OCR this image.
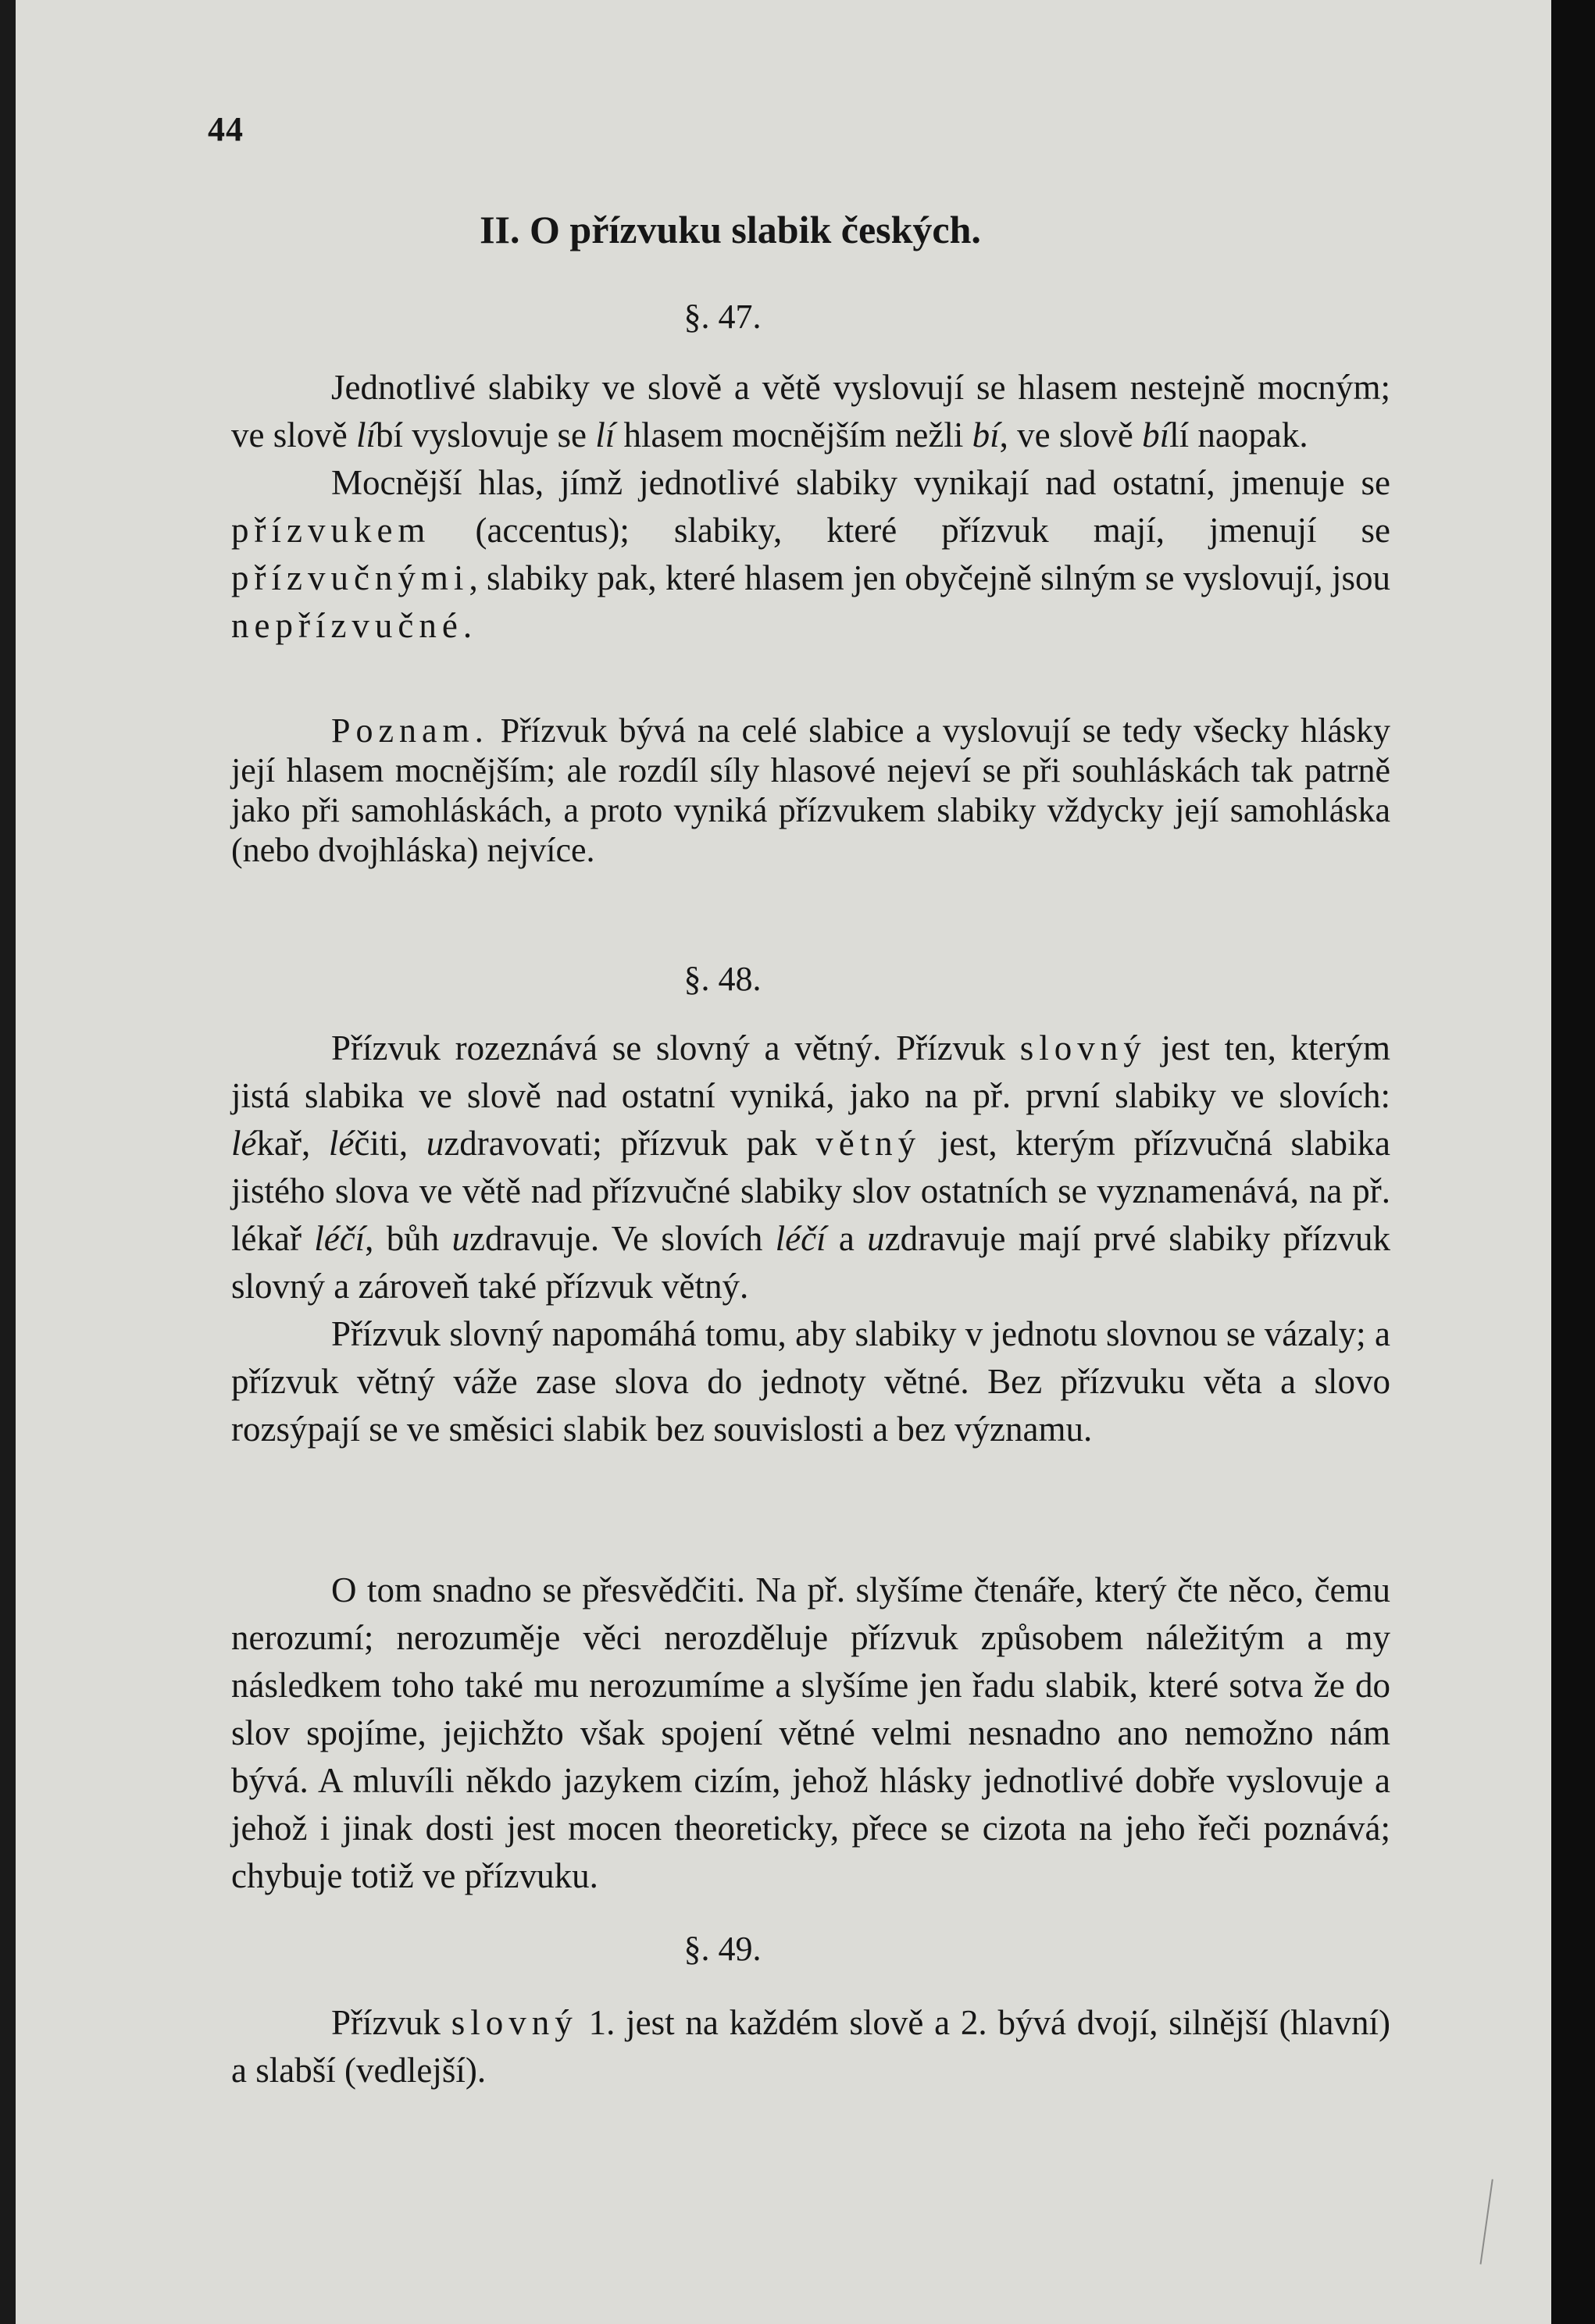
44
II. O přízvuku slabik českých.
§. 47.

Jednotlivé slabiky ve slově a větě vyslovují se hlasem nestejně mocným; ve slově líbí vyslovuje se lí hlasem mocnějším nežli bí, ve slově bílí naopak.

Mocnější hlas, jímž jednotlivé slabiky vynikají nad ostatní, jmenuje se přízvukem (accentus); slabiky, které přízvuk mají, jmenují se přízvučnými, slabiky pak, které hlasem jen obyčejně silným se vyslovují, jsou nepřízvučné.

Poznam. Přízvuk bývá na celé slabice a vyslovují se tedy všecky hlásky její hlasem mocnějším; ale rozdíl síly hlasové nejeví se při souhláskách tak patrně jako při samohláskách, a proto vyniká přízvukem slabiky vždycky její samohláska (nebo dvojhláska) nejvíce.

§. 48.

Přízvuk rozeznává se slovný a větný. Přízvuk slovný jest ten, kterým jistá slabika ve slově nad ostatní vyniká, jako na př. první slabiky ve slovích: lékař, léčiti, uzdravovati; přízvuk pak větný jest, kterým přízvučná slabika jistého slova ve větě nad přízvučné slabiky slov ostatních se vyznamenává, na př. lékař léčí, bůh uzdravuje. Ve slovích léčí a uzdravuje mají prvé slabiky přízvuk slovný a zároveň také přízvuk větný.

Přízvuk slovný napomáhá tomu, aby slabiky v jednotu slovnou se vázaly; a přízvuk větný váže zase slova do jednoty větné. Bez přízvuku věta a slovo rozsýpají se ve směsici slabik bez souvislosti a bez významu.

O tom snadno se přesvědčiti. Na př. slyšíme čtenáře, který čte něco, čemu nerozumí; nerozuměje věci nerozděluje přízvuk způsobem náležitým a my následkem toho také mu nerozumíme a slyšíme jen řadu slabik, které sotva že do slov spojíme, jejichžto však spojení větné velmi nesnadno ano nemožno nám bývá. A mluvíli někdo jazykem cizím, jehož hlásky jednotlivé dobře vyslovuje a jehož i jinak dosti jest mocen theoreticky, přece se cizota na jeho řeči poznává; chybuje totiž ve přízvuku.

§. 49.

Přízvuk slovný 1. jest na každém slově a 2. bývá dvojí, silnější (hlavní) a slabší (vedlejší).
